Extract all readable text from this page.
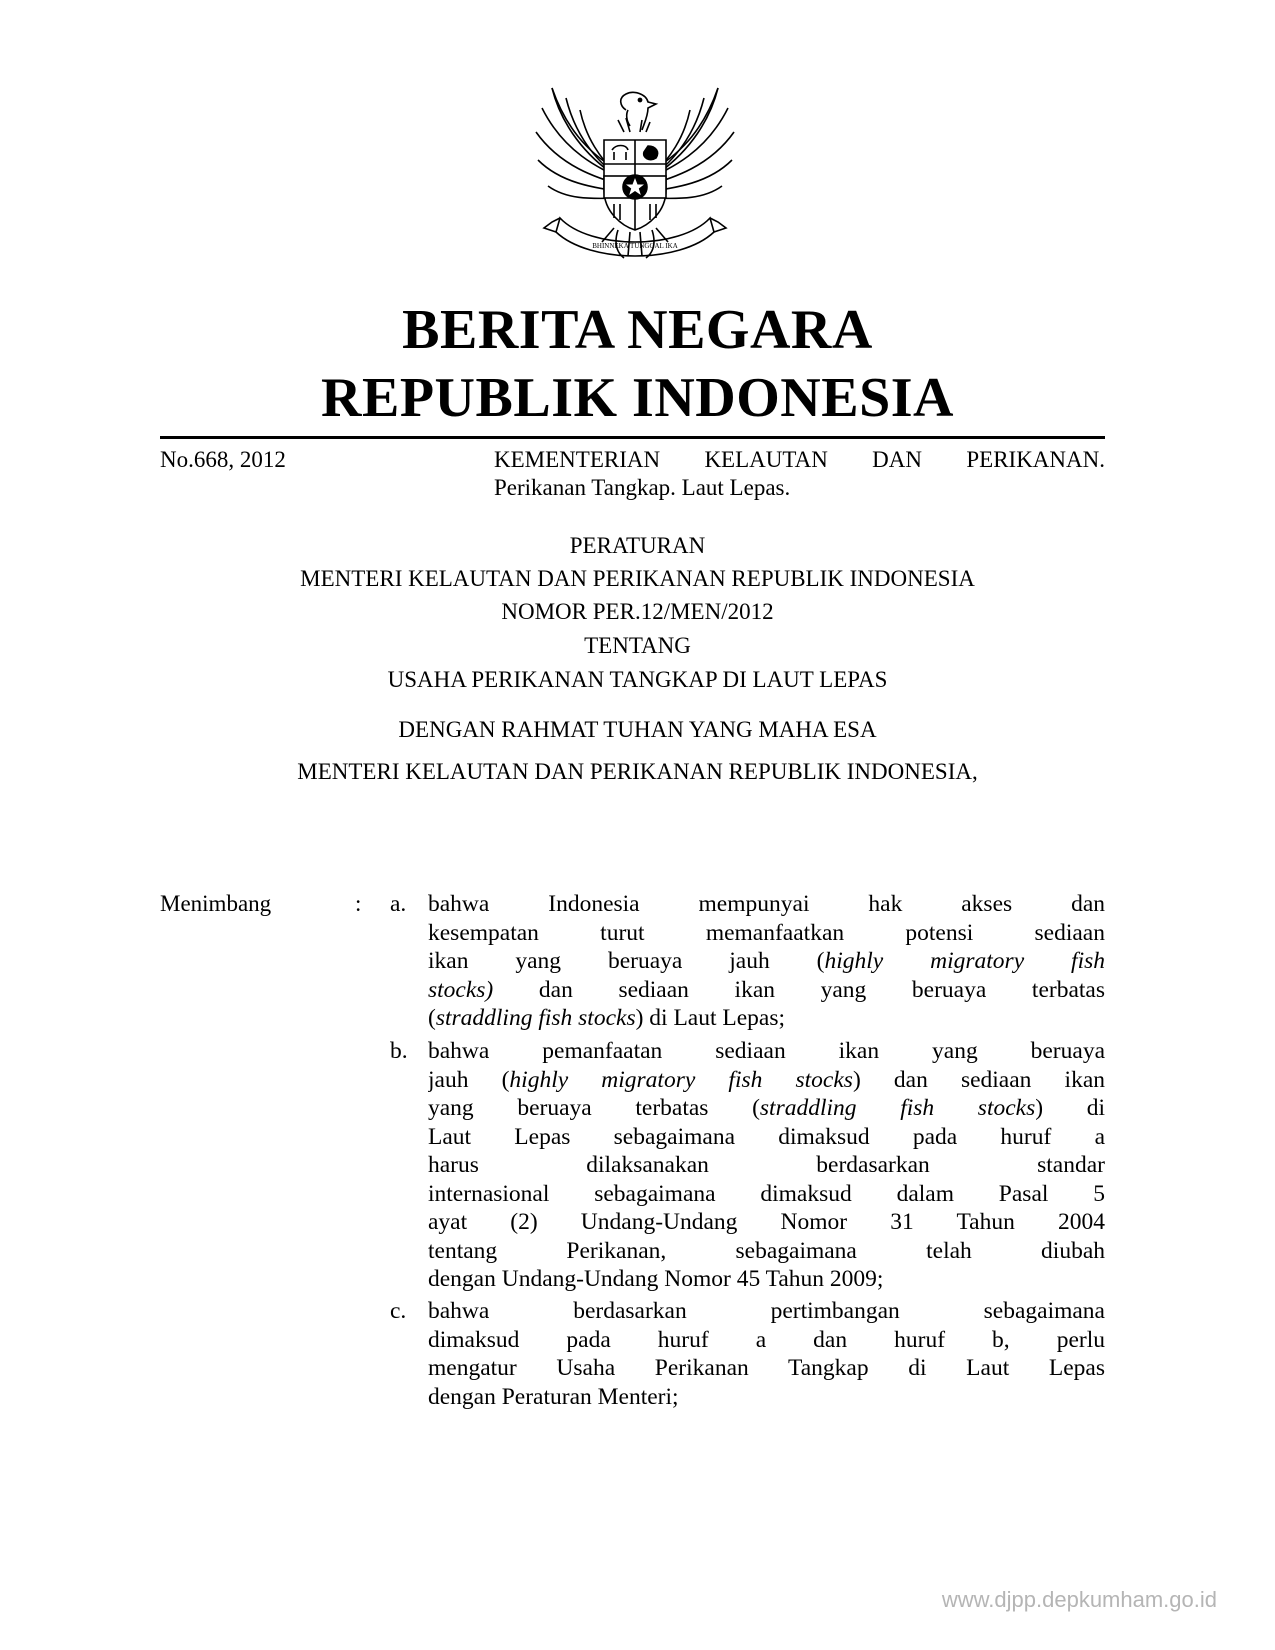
BHINNEKA TUNGGAL IKA
BERITA NEGARA
REPUBLIK INDONESIA
No.668, 2012	KEMENTERIAN KELAUTAN DAN PERIKANAN.
Perikanan Tangkap. Laut Lepas.
PERATURAN
MENTERI KELAUTAN DAN PERIKANAN REPUBLIK INDONESIA
NOMOR PER.12/MEN/2012
TENTANG
USAHA PERIKANAN TANGKAP DI LAUT LEPAS
DENGAN RAHMAT TUHAN YANG MAHA ESA
MENTERI KELAUTAN DAN PERIKANAN REPUBLIK INDONESIA,
Menimbang	: a. bahwa Indonesia mempunyai hak akses dan
kesempatan turut memanfaatkan potensi sediaan
ikan yang beruaya jauh (highly migratory fish
stocks) dan sediaan ikan yang beruaya terbatas
(straddling fish stocks) di Laut Lepas;
b. bahwa pemanfaatan sediaan ikan yang beruaya
jauh (highly migratory fish stocks) dan sediaan ikan
yang beruaya terbatas (straddling fish stocks) di
Laut Lepas sebagaimana dimaksud pada huruf a
harus dilaksanakan berdasarkan standar
internasional sebagaimana dimaksud dalam Pasal 5
ayat (2) Undang-Undang Nomor 31 Tahun 2004
tentang Perikanan, sebagaimana telah diubah
dengan Undang-Undang Nomor 45 Tahun 2009;
c. bahwa berdasarkan pertimbangan sebagaimana
dimaksud pada huruf a dan huruf b, perlu
mengatur Usaha Perikanan Tangkap di Laut Lepas
dengan Peraturan Menteri;
www.djpp.depkumham.go.id
